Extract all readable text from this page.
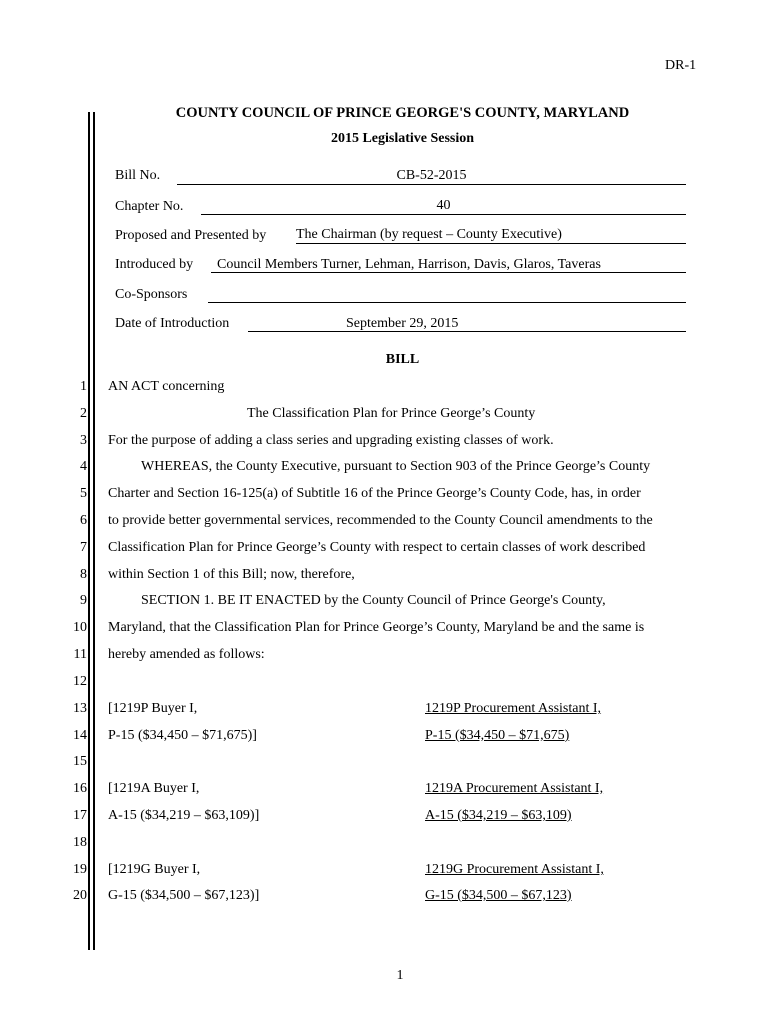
DR-1
COUNTY COUNCIL OF PRINCE GEORGE'S COUNTY, MARYLAND
2015 Legislative Session
Bill No.	CB-52-2015
Chapter No.	40
Proposed and Presented by The Chairman (by request – County Executive)
Introduced by	Council Members Turner, Lehman, Harrison, Davis, Glaros, Taveras
Co-Sponsors
Date of Introduction	September 29, 2015
BILL
1
2
3
4
5
6
7
8
9
10
11
12
13
14
15
16
17
18
19
20
AN ACT concerning
The Classification Plan for Prince George’s County
For the purpose of adding a class series and upgrading existing classes of work.
WHEREAS, the County Executive, pursuant to Section 903 of the Prince George’s County
Charter and Section 16-125(a) of Subtitle 16 of the Prince George’s County Code, has, in order
to provide better governmental services, recommended to the County Council amendments to the
Classification Plan for Prince George’s County with respect to certain classes of work described
within Section 1 of this Bill; now, therefore,
SECTION 1. BE IT ENACTED by the County Council of Prince George's County,
Maryland, that the Classification Plan for Prince George’s County, Maryland be and the same is
hereby amended as follows:
[1219P Buyer I,	1219P Procurement Assistant I,
P-15 ($34,450 – $71,675)]	P-15 ($34,450 – $71,675)
[1219A Buyer I,	1219A Procurement Assistant I,
A-15 ($34,219 – $63,109)]	A-15 ($34,219 – $63,109)
[1219G Buyer I,	1219G Procurement Assistant I,
G-15 ($34,500 – $67,123)]	G-15 ($34,500 – $67,123)
1
